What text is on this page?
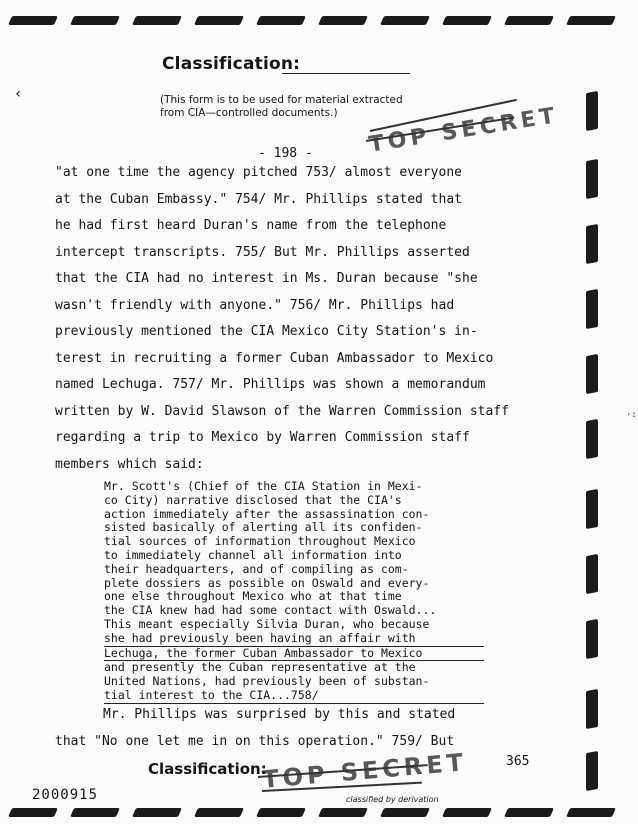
‹
·:
Classification:
(This form is to be used for material extracted
from CIA—controlled documents.)	TOP SECRET
- 198 -

"at one time the agency pitched 753/ almost everyone

at the Cuban Embassy." 754/ Mr. Phillips stated that

he had first heard Duran's name from the telephone

intercept transcripts. 755/ But Mr. Phillips asserted

that the CIA had no interest in Ms. Duran because "she

wasn't friendly with anyone." 756/ Mr. Phillips had

previously mentioned the CIA Mexico City Station's in-

terest in recruiting a former Cuban Ambassador to Mexico

named Lechuga. 757/ Mr. Phillips was shown a memorandum

written by W. David Slawson of the Warren Commission staff

regarding a trip to Mexico by Warren Commission staff

members which said:

Mr. Scott's (Chief of the CIA Station in Mexi-

co City) narrative disclosed that the CIA's

action immediately after the assassination con-

sisted basically of alerting all its confiden-

tial sources of information throughout Mexico

to immediately channel all information into

their headquarters, and of compiling as com-

plete dossiers as possible on Oswald and every-

one else throughout Mexico who at that time

the CIA knew had had some contact with Oswald...

This meant especially Silvia Duran, who because

she had previously been having an affair with

Lechuga, the former Cuban Ambassador to Mexico

and presently the Cuban representative at the

United Nations, had previously been of substan-

tial interest to the CIA...758/

Mr. Phillips was surprised by this and stated

that "No one let me in on this operation." 759/ But

Classification:
TOP SECRET	365
2000915	classified by derivation
